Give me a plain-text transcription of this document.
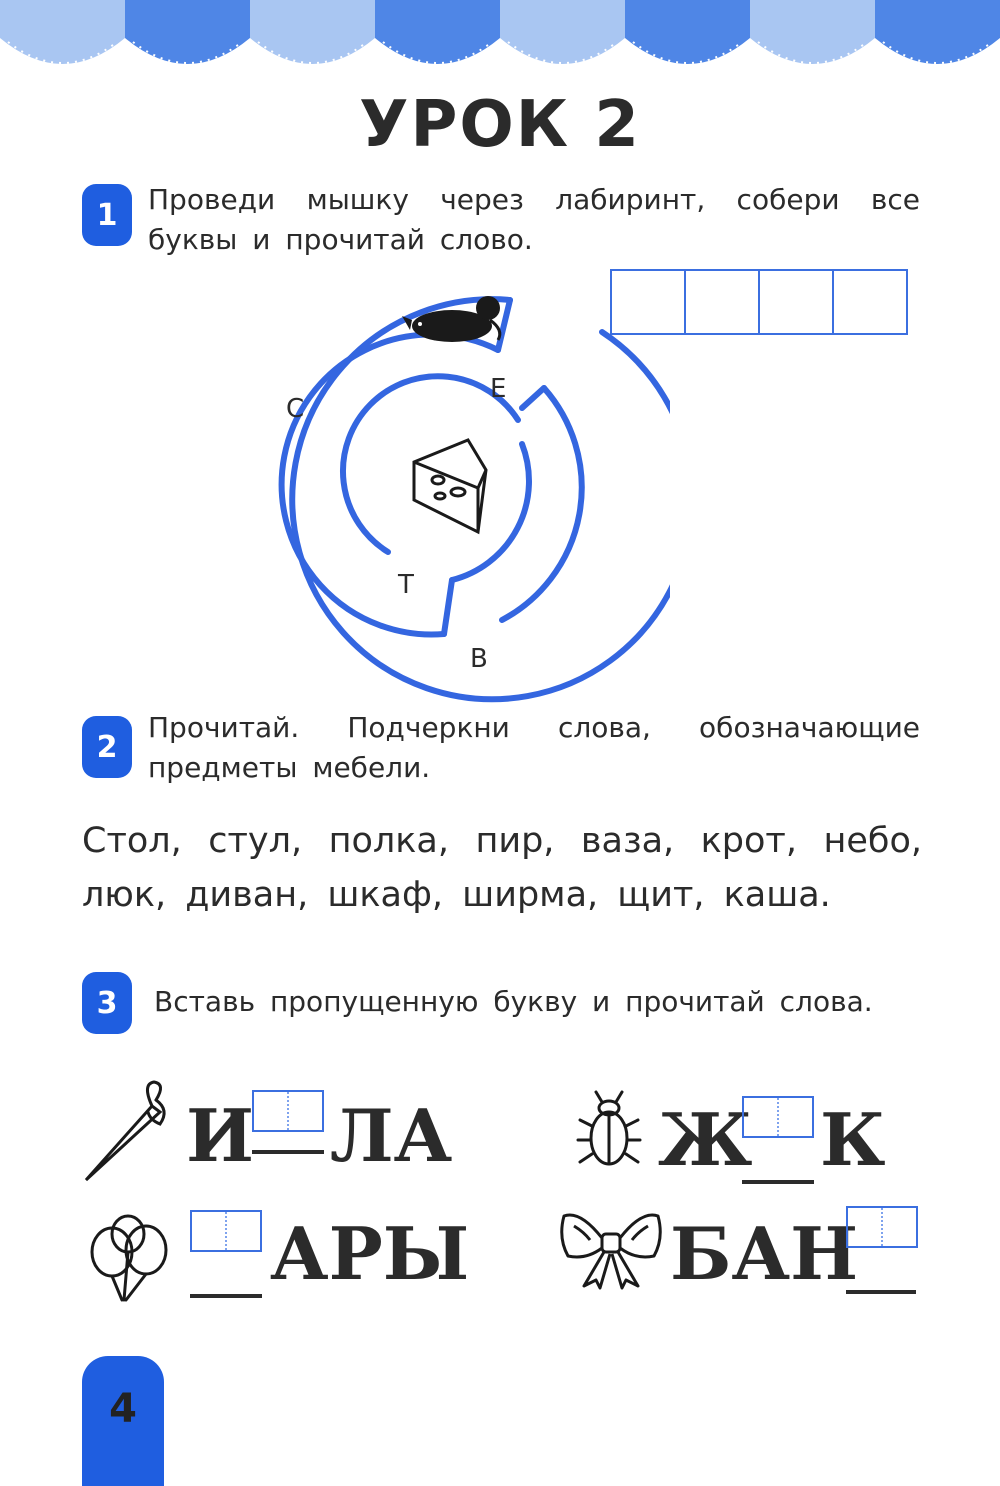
УРОК 2
1	Проведи мышку через лабиринт, собери все буквы и прочитай слово.
С
Е
Т
В
2
Прочитай. Подчеркни слова, обозначающие предметы мебели.
Стол, стул, полка, пир, ваза, крот, небо, люк, диван, шкаф, ширма, щит, каша.
3	Вставь пропущенную букву и прочитай слова.
И ЛА	Ж К
АРЫ	БАН
4
